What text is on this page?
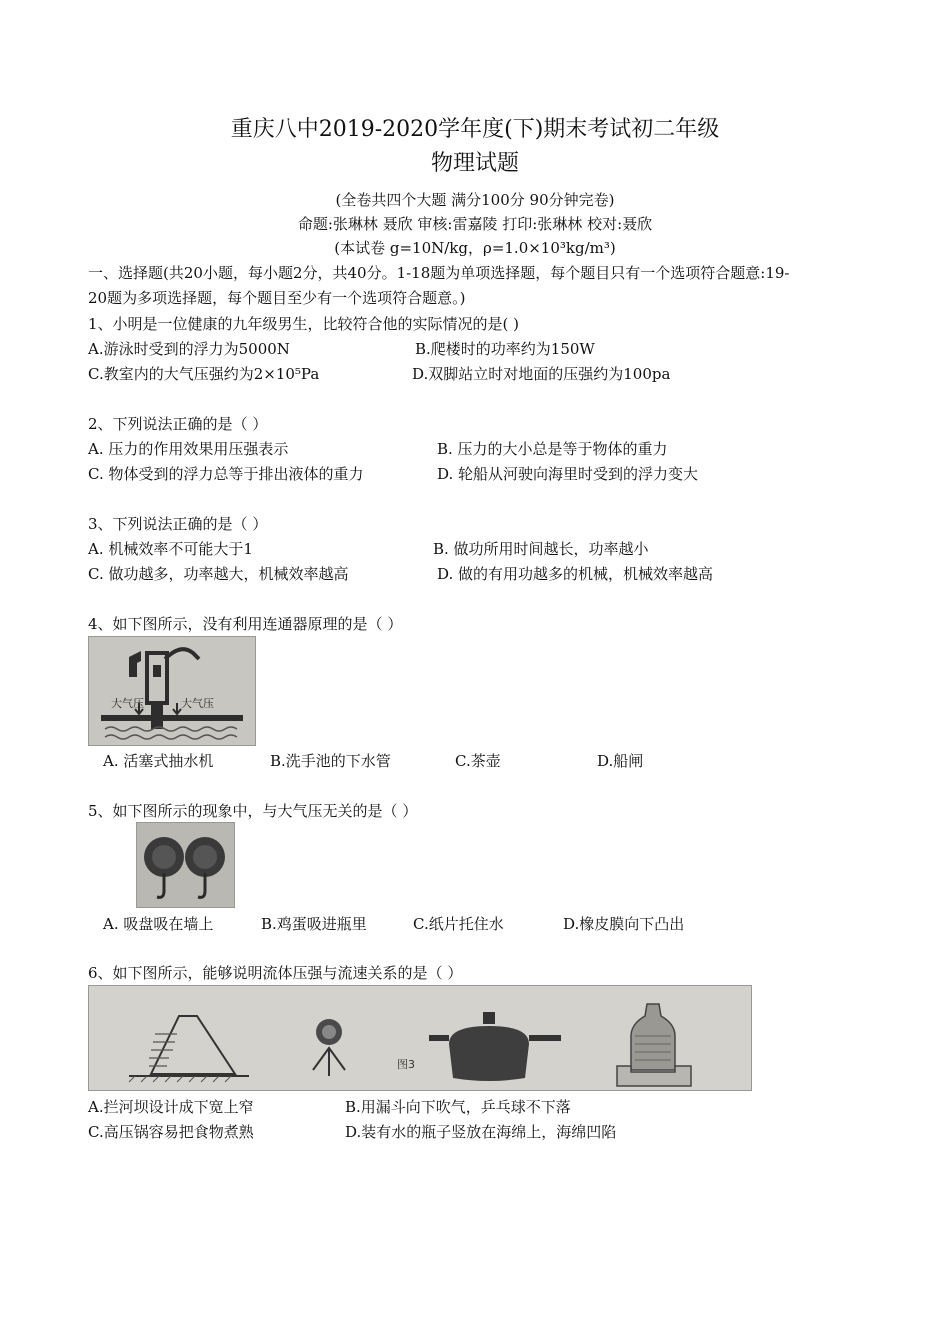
重庆八中2019-2020学年度(下)期末考试初二年级
物理试题
(全卷共四个大题 满分100分 90分钟完卷)
命题:张琳林 聂欣 审核:雷嘉陵 打印:张琳林 校对:聂欣
(本试卷 g=10N/kg，ρ=1.0×10³kg/m³)
一、选择题(共20小题，每小题2分，共40分。1-18题为单项选择题，每个题目只有一个选项符合题意:19-
20题为多项选择题，每个题目至少有一个选项符合题意。)
1、小明是一位健康的九年级男生，比较符合他的实际情况的是( )
A.游泳时受到的浮力为5000N	B.爬楼时的功率约为150W
C.教室内的大气压强约为2×10⁵Pa	D.双脚站立时对地面的压强约为100pa
2、下列说法正确的是（ ）
A. 压力的作用效果用压强表示	B. 压力的大小总是等于物体的重力
C. 物体受到的浮力总等于排出液体的重力	D. 轮船从河驶向海里时受到的浮力变大
3、下列说法正确的是（ ）
A. 机械效率不可能大于1	B. 做功所用时间越长，功率越小
C. 做功越多，功率越大，机械效率越高	D. 做的有用功越多的机械，机械效率越高
4、如下图所示，没有利用连通器原理的是（ ）
大气压	大气压
A. 活塞式抽水机	B.洗手池的下水管	C.茶壶	D.船闸
5、如下图所示的现象中，与大气压无关的是（ ）
A. 吸盘吸在墙上	B.鸡蛋吸进瓶里	C.纸片托住水	D.橡皮膜向下凸出
6、如下图所示，能够说明流体压强与流速关系的是（ ）
图3
A.拦河坝设计成下宽上窄	B.用漏斗向下吹气，乒乓球不下落
C.高压锅容易把食物煮熟	D.装有水的瓶子竖放在海绵上，海绵凹陷
